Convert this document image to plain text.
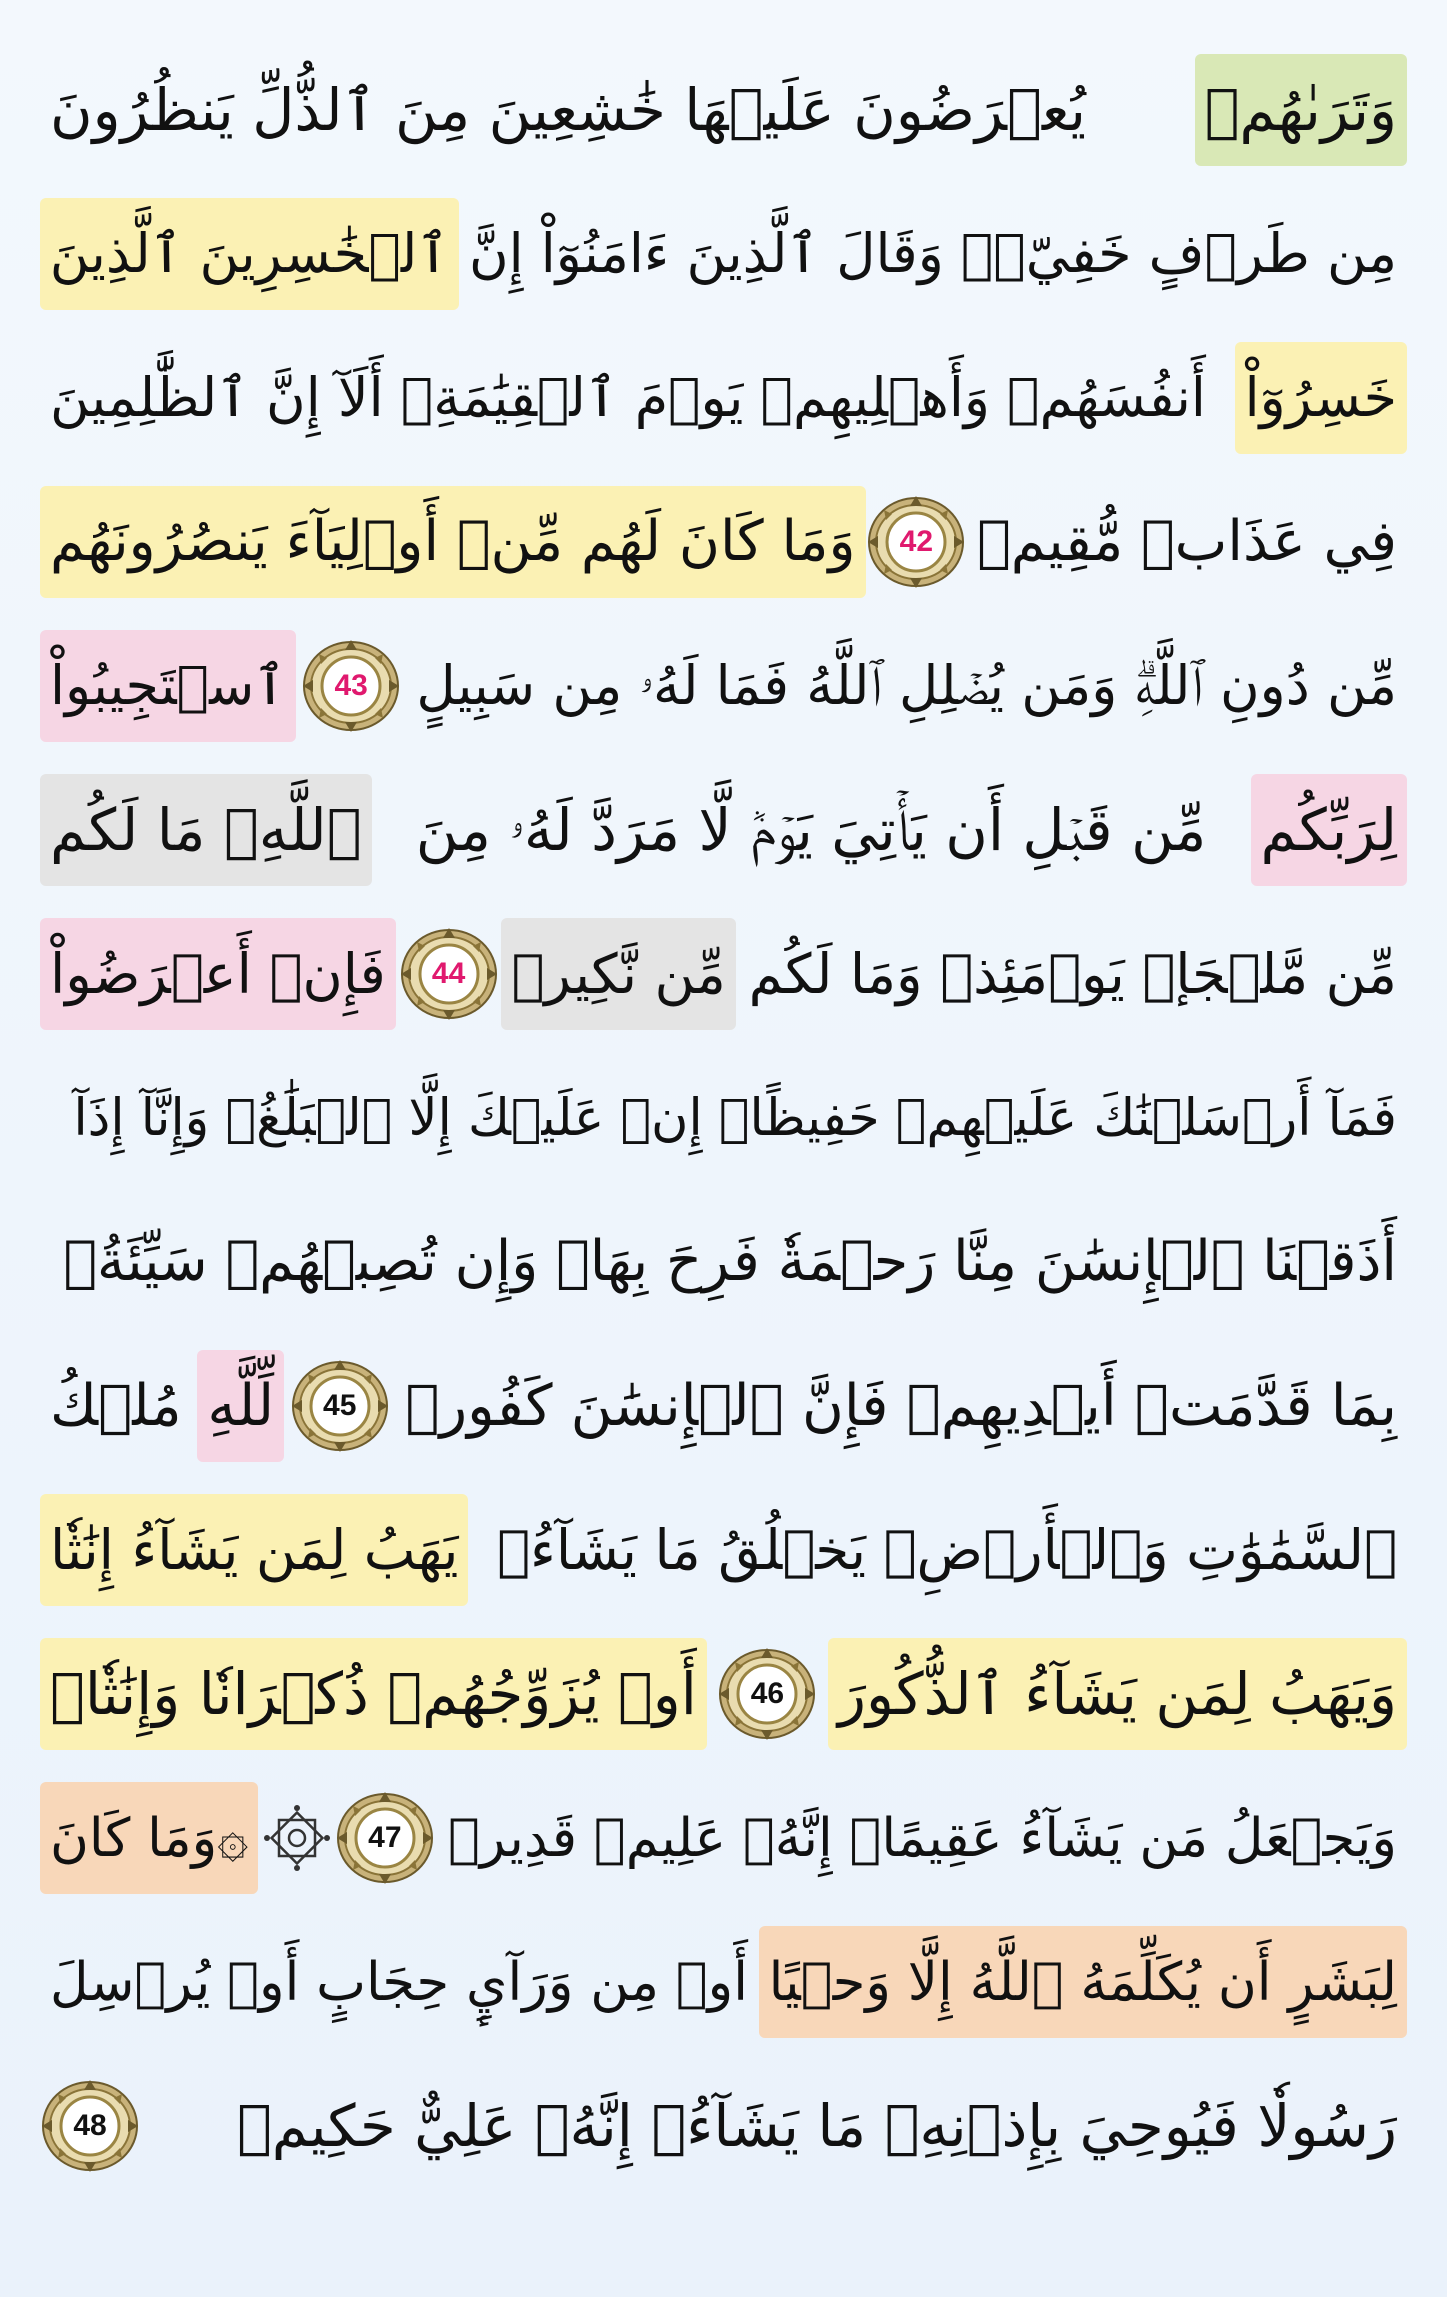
وَتَرَىٰهُمۡ
يُعۡرَضُونَ عَلَيۡهَا خَٰشِعِينَ مِنَ ٱلذُّلِّ يَنظُرُونَ
مِن طَرۡفٍ خَفِيّٖۗ وَقَالَ ٱلَّذِينَ ءَامَنُوٓاْ إِنَّ
ٱلۡخَٰسِرِينَ ٱلَّذِينَ
خَسِرُوٓاْ
أَنفُسَهُمۡ وَأَهۡلِيهِمۡ يَوۡمَ ٱلۡقِيَٰمَةِۗ أَلَآ إِنَّ ٱلظَّٰلِمِينَ
فِي عَذَابٖ مُّقِيمٖ
42
وَمَا كَانَ لَهُم مِّنۡ أَوۡلِيَآءَ يَنصُرُونَهُم
مِّن دُونِ ٱللَّهِۗ وَمَن يُضۡلِلِ ٱللَّهُ فَمَا لَهُۥ مِن سَبِيلٍ
43
ٱسۡتَجِيبُواْ
لِرَبِّكُم
مِّن قَبۡلِ أَن يَأۡتِيَ يَوۡمٞ لَّا مَرَدَّ لَهُۥ مِنَ
ٱللَّهِۚ مَا لَكُم
مِّن مَّلۡجَإٖ يَوۡمَئِذٖ وَمَا لَكُم
مِّن نَّكِيرٖ
44
فَإِنۡ أَعۡرَضُواْ
فَمَآ أَرۡسَلۡنَٰكَ عَلَيۡهِمۡ حَفِيظًاۖ إِنۡ عَلَيۡكَ إِلَّا ٱلۡبَلَٰغُۗ وَإِنَّآ إِذَآ
أَذَقۡنَا ٱلۡإِنسَٰنَ مِنَّا رَحۡمَةٗ فَرِحَ بِهَاۖ وَإِن تُصِبۡهُمۡ سَيِّئَةُۢ
بِمَا قَدَّمَتۡ أَيۡدِيهِمۡ فَإِنَّ ٱلۡإِنسَٰنَ كَفُورٞ
45
لِّلَّهِ
مُلۡكُ
ٱلسَّمَٰوَٰتِ وَٱلۡأَرۡضِۚ يَخۡلُقُ مَا يَشَآءُۚ
يَهَبُ لِمَن يَشَآءُ إِنَٰثٗا
وَيَهَبُ لِمَن يَشَآءُ ٱلذُّكُورَ
46
أَوۡ يُزَوِّجُهُمۡ ذُكۡرَانٗا وَإِنَٰثٗاۖ
وَيَجۡعَلُ مَن يَشَآءُ عَقِيمًاۚ إِنَّهُۥ عَلِيمٞ قَدِيرٞ
47
۞وَمَا كَانَ
لِبَشَرٍ أَن يُكَلِّمَهُ ٱللَّهُ إِلَّا وَحۡيًا
أَوۡ مِن وَرَآيِٕ حِجَابٍ أَوۡ يُرۡسِلَ
رَسُولٗا فَيُوحِيَ بِإِذۡنِهِۦ مَا يَشَآءُۚ إِنَّهُۥ عَلِيٌّ حَكِيمٞ
48
